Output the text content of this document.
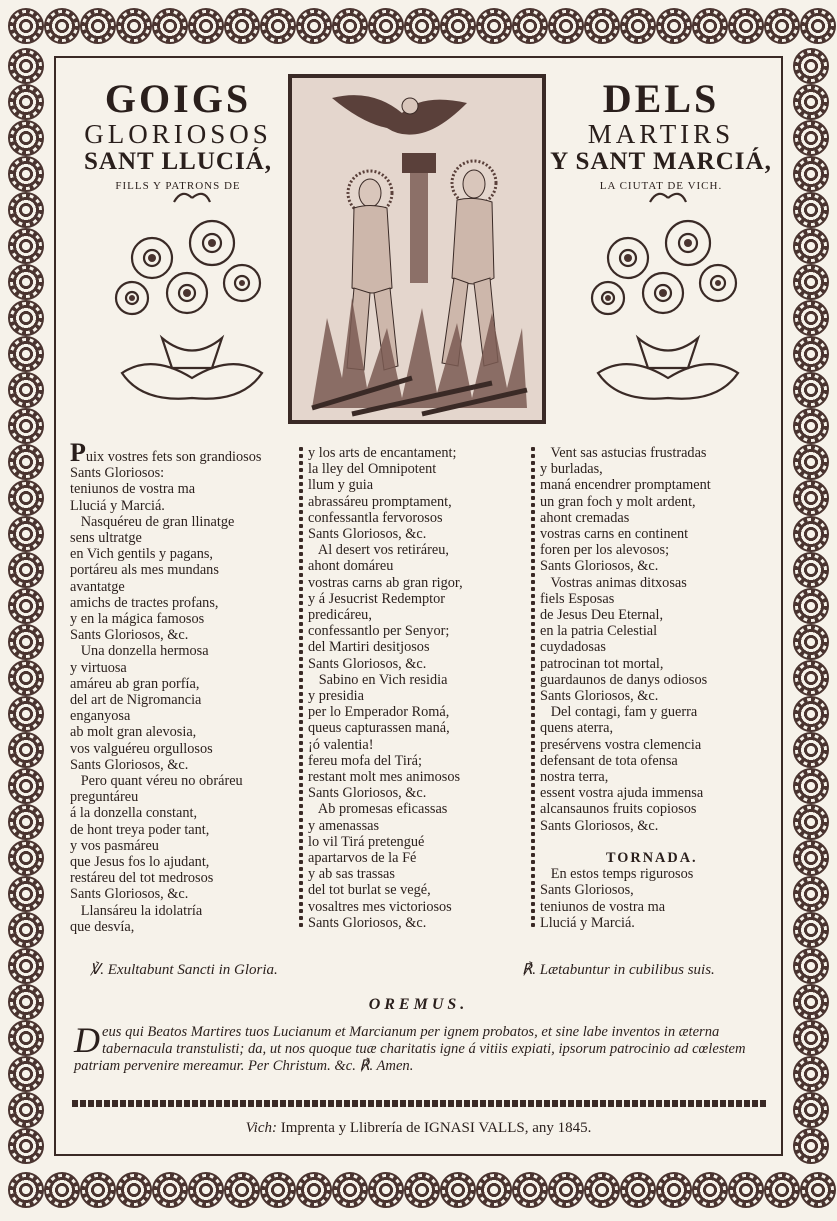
GOIGS
GLORIOSOS
SANT LLUCIÁ,
FILLS Y PATRONS DE
DELS
MARTIRS
Y SANT MARCIÁ,
LA CIUTAT DE VICH.
Puix vostres fets son grandiosos
Sants Gloriosos:
teniunos de vostra ma
Lluciá y Marciá.
Nasquéreu de gran llinatge
sens ultratge
en Vich gentils y pagans,
portáreu als mes mundans
avantatge
amichs de tractes profans,
y en la mágica famosos
Sants Gloriosos, &c.
Una donzella hermosa
y virtuosa
amáreu ab gran porfía,
del art de Nigromancia
enganyosa
ab molt gran alevosia,
vos valguéreu orgullosos
Sants Gloriosos, &c.
Pero quant véreu no obráreu
preguntáreu
á la donzella constant,
de hont treya poder tant,
y vos pasmáreu
que Jesus fos lo ajudant,
restáreu del tot medrosos
Sants Gloriosos, &c.
Llansáreu la idolatría
que desvía,
y los arts de encantament;
la lley del Omnipotent
llum y guia
abrassáreu promptament,
confessantla fervorosos
Sants Gloriosos, &c.
Al desert vos retiráreu,
ahont domáreu
vostras carns ab gran rigor,
y á Jesucrist Redemptor
predicáreu,
confessantlo per Senyor;
del Martiri desitjosos
Sants Gloriosos, &c.
Sabino en Vich residia
y presidia
per lo Emperador Romá,
queus capturassen maná,
¡ó valentia!
fereu mofa del Tirá;
restant molt mes animosos
Sants Gloriosos, &c.
Ab promesas eficassas
y amenassas
lo vil Tirá pretengué
apartarvos de la Fé
y ab sas trassas
del tot burlat se vegé,
vosaltres mes victoriosos
Sants Gloriosos, &c.
Vent sas astucias frustradas
y burladas,
maná encendrer promptament
un gran foch y molt ardent,
ahont cremadas
vostras carns en continent
foren per los alevosos;
Sants Gloriosos, &c.
Vostras animas ditxosas
fiels Esposas
de Jesus Deu Eternal,
en la patria Celestial
cuydadosas
patrocinan tot mortal,
guardaunos de danys odiosos
Sants Gloriosos, &c.
Del contagi, fam y guerra
quens aterra,
presérvens vostra clemencia
defensant de tota ofensa
nostra terra,
essent vostra ajuda immensa
alcansaunos fruits copiosos
Sants Gloriosos, &c.

TORNADA.
En estos temps rigurosos
Sants Gloriosos,
teniunos de vostra ma
Lluciá y Marciá.
℣. Exultabunt Sancti in Gloria.	℟. Lætabuntur in cubilibus suis.
OREMUS.
Deus qui Beatos Martires tuos Lucianum et Marcianum per ignem probatos, et sine labe inventos in æterna tabernacula transtulisti; da, ut nos quoque tuæ charitatis igne á vitiis expiati, ipsorum patrocinio ad cœlestem patriam pervenire mereamur. Per Christum. &c. ℟. Amen.
Vich: Imprenta y Llibrería de IGNASI VALLS, any 1845.
